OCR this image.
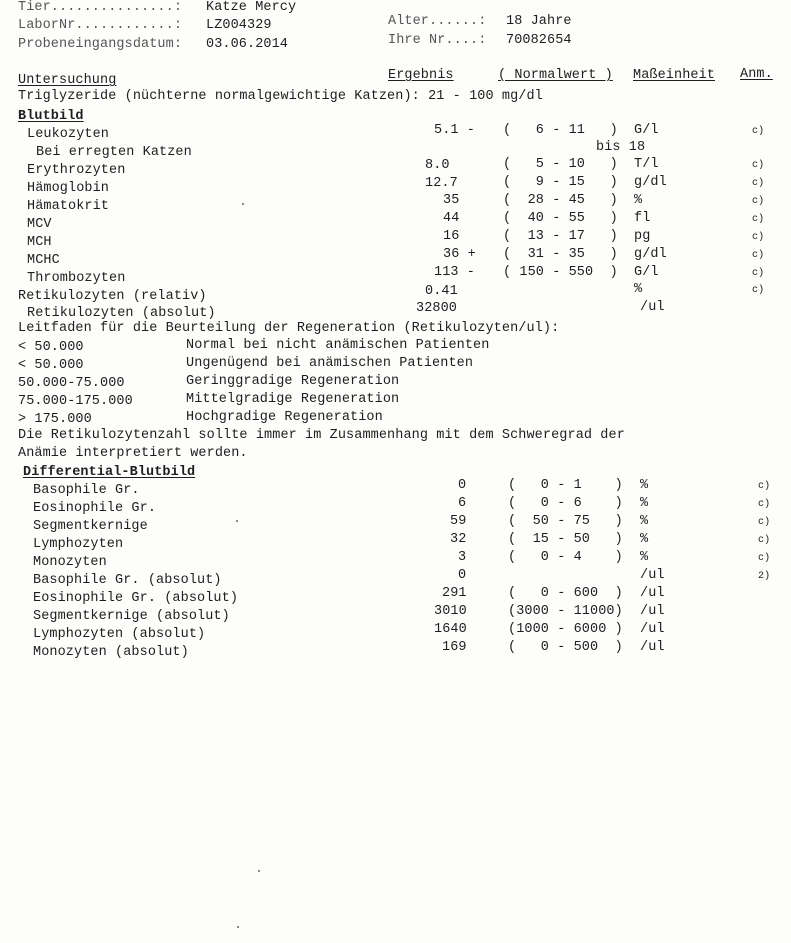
Tier...............: Katze Mercy

LaborNr............: LZ004329	Alter......: 18 Jahre

Probeneingangsdatum: 03.06.2014	Ihre Nr....: 70082654

Untersuchung	Ergebnis	( Normalwert ) Maßeinheit Anm.

Triglyzeride (nüchterne normalgewichtige Katzen): 21 - 100 mg/dl

Blutbild

Leukozyten	5.1 - (   6 - 11   ) G/l	c)

Bei erregten Katzen	bis 18

Erythrozyten	8.0	(   5 - 10   ) T/l	c)

Hämoglobin	12.7	(   9 - 15   ) g/dl	c)

Hämatokrit	35	(  28 - 45   ) %	c)

MCV	44	(  40 - 55   ) fl	c)

MCH	16	(  13 - 17   ) pg	c)

MCHC	36 + (  31 - 35   ) g/dl	c)

Thrombozyten	113 - ( 150 - 550  ) G/l	c)

Retikulozyten (relativ)	0.41	%	c)

Retikulozyten (absolut)	32800	/ul

Leitfaden für die Beurteilung der Regeneration (Retikulozyten/ul):

< 50.000	Normal bei nicht anämischen Patienten

< 50.000	Ungenügend bei anämischen Patienten

50.000-75.000	Geringgradige Regeneration

75.000-175.000	Mittelgradige Regeneration

> 175.000	Hochgradige Regeneration

Die Retikulozytenzahl sollte immer im Zusammenhang mit dem Schweregrad der

Anämie interpretiert werden.

Differential-Blutbild

Basophile Gr.	0	(   0 - 1    ) %	c)

Eosinophile Gr.	6	(   0 - 6    ) %	c)

Segmentkernige	59	(  50 - 75   ) %	c)

Lymphozyten	32	(  15 - 50   ) %	c)

Monozyten	3	(   0 - 4    ) %	c)

Basophile Gr. (absolut)	0	/ul	2)

Eosinophile Gr. (absolut)	291	(   0 - 600  ) /ul

Segmentkernige (absolut)	3010	(3000 - 11000) /ul

Lymphozyten (absolut)	1640	(1000 - 6000 ) /ul

Monozyten (absolut)	169	(   0 - 500  ) /ul
